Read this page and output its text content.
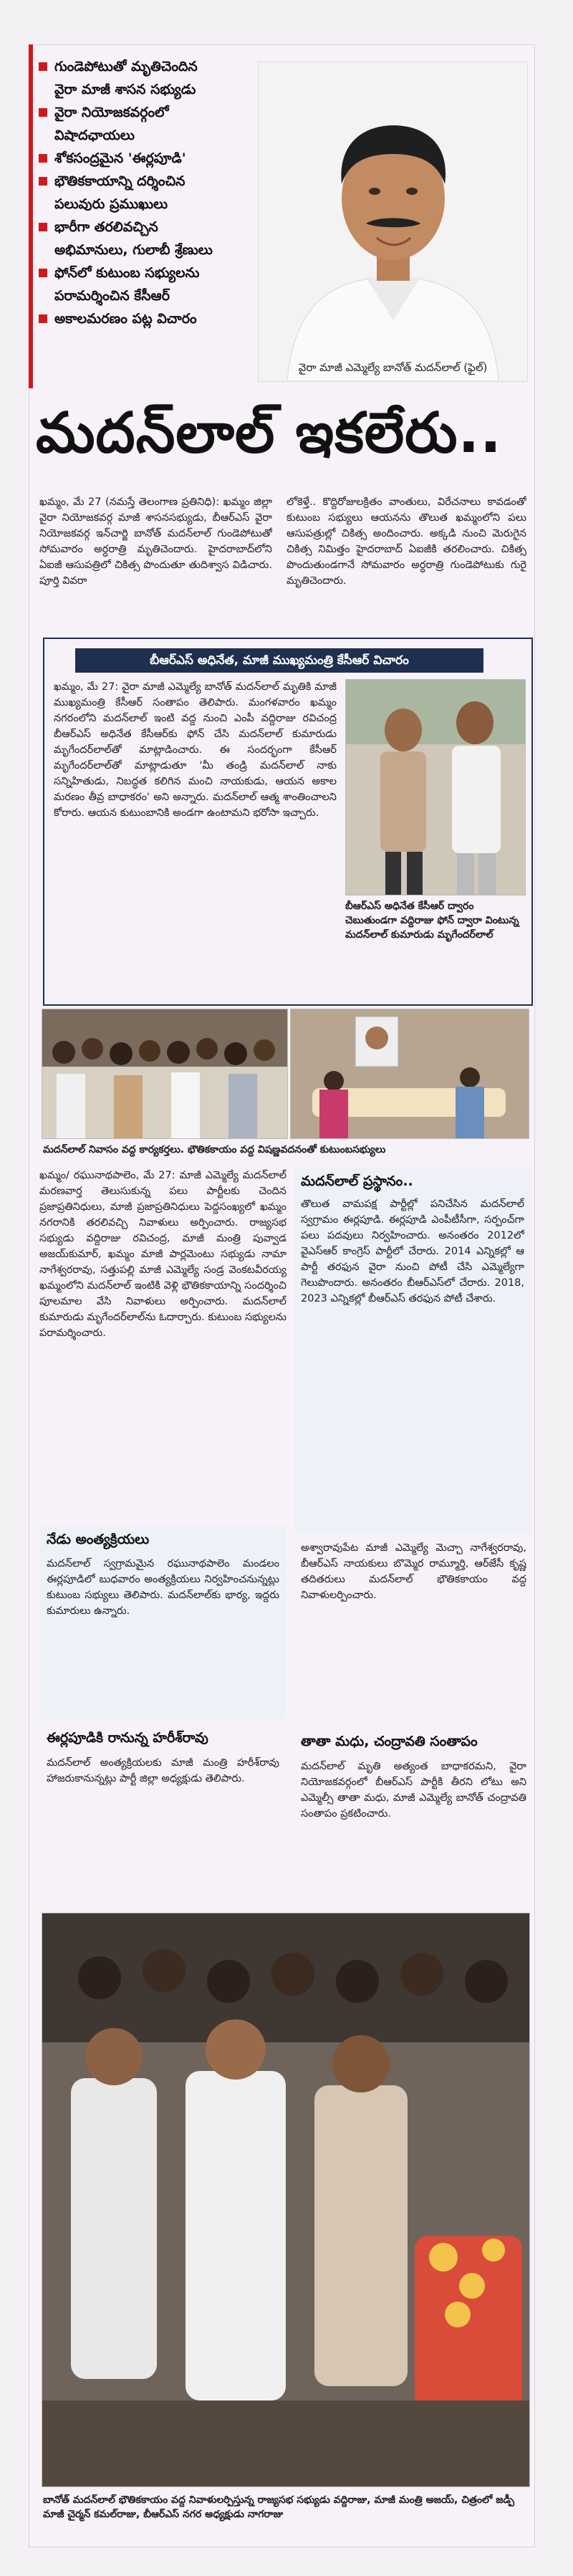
గుండెపోటుతో మృతిచెందిన
వైరా మాజీ శాసన సభ్యుడు
వైరా నియోజకవర్గంలో
విషాదఛాయలు
శోకసంద్రమైన 'ఈర్లపూడి'
భౌతికకాయాన్ని దర్శించిన
పలువురు ప్రముఖులు
భారీగా తరలివచ్చిన
అభిమానులు, గులాబీ శ్రేణులు
ఫోన్‌లో కుటుంబ సభ్యులను
పరామర్శించిన కేసీఆర్
అకాలమరణం పట్ల విచారం
వైరా మాజీ ఎమ్మెల్యే బానోత్ మదన్‌లాల్ (ఫైల్)
మదన్‌లాల్ ఇకలేరు..
ఖమ్మం, మే 27 (నమస్తే తెలంగాణ ప్రతినిధి): ఖమ్మం జిల్లా వైరా నియోజకవర్గ మాజీ శాసనసభ్యుడు, బీఆర్ఎస్ వైరా నియోజకవర్గ ఇన్‌చార్జి బానోత్ మదన్‌లాల్ గుండెపోటుతో సోమవారం అర్ధరాత్రి మృతిచెందారు. హైదరాబాద్‌లోని ఏఐజీ ఆసుపత్రిలో చికిత్స పొందుతూ తుదిశ్వాస విడిచారు. పూర్తి వివరా
లోకెళ్తే.. కొద్దిరోజులక్రితం వాంతులు, విరేచనాలు కావడంతో కుటుంబ సభ్యులు ఆయనను తొలుత ఖమ్మంలోని పలు ఆసుపత్రుల్లో చికిత్స అందించారు. అక్కడి నుంచి మెరుగైన చికిత్స నిమిత్తం హైదరాబాద్ ఏఐజీకి తరలించారు. చికిత్స పొందుతుండగానే సోమవారం అర్ధరాత్రి గుండెపోటుకు గురై మృతిచెందారు.
బీఆర్ఎస్ అధినేత, మాజీ ముఖ్యమంత్రి కేసీఆర్ విచారం
ఖమ్మం, మే 27: వైరా మాజీ ఎమ్మెల్యే బానోత్ మదన్‌లాల్ మృతికి మాజీ ముఖ్యమంత్రి కేసీఆర్ సంతాపం తెలిపారు. మంగళవారం ఖమ్మం నగరంలోని మదన్‌లాల్ ఇంటి వద్ద నుంచి ఎంపీ వద్దిరాజు రవిచంద్ర బీఆర్ఎస్ అధినేత కేసీఆర్‌కు ఫోన్ చేసి మదన్‌లాల్ కుమారుడు మృగేందర్‌లాల్‌తో మాట్లాడించారు. ఈ సందర్భంగా కేసీఆర్ మృగేందర్‌లాల్‌తో మాట్లాడుతూ 'మీ తండ్రి మదన్‌లాల్ నాకు సన్నిహితుడు, నిబద్ధత కలిగిన మంచి నాయకుడు, ఆయన అకాల మరణం తీవ్ర బాధాకరం' అని అన్నారు. మదన్‌లాల్ ఆత్మ శాంతించాలని కోరారు. ఆయన కుటుంబానికి అండగా ఉంటామని భరోసా ఇచ్చారు.
బీఆర్ఎస్ అధినేత కేసీఆర్ ద్వారం చెబుతుండగా వద్దిరాజు ఫోన్ ద్వారా వింటున్న మదన్‌లాల్ కుమారుడు మృగేందర్‌లాల్
మదన్‌లాల్ నివాసం వద్ద కార్యకర్తలు. భౌతికకాయం వద్ద విషణ్ణవదనంతో కుటుంబసభ్యులు
ఖమ్మం/ రఘునాథపాలెం, మే 27: మాజీ ఎమ్మెల్యే మదన్‌లాల్ మరణవార్త తెలుసుకున్న పలు పార్టీలకు చెందిన ప్రజాప్రతినిధులు, మాజీ ప్రజాప్రతినిధులు పెద్దసంఖ్యలో ఖమ్మం నగరానికి తరలివచ్చి నివాళులు అర్పించారు. రాజ్యసభ సభ్యుడు వద్దిరాజు రవిచంద్ర, మాజీ మంత్రి పువ్వాడ అజయ్‌కుమార్, ఖమ్మం మాజీ పార్లమెంటు సభ్యుడు నామా నాగేశ్వరరావు, సత్తుపల్లి మాజీ ఎమ్మెల్యే సండ్ర వెంకటవీరయ్య ఖమ్మంలోని మదన్‌లాల్ ఇంటికి వెళ్లి భౌతికకాయాన్ని సందర్శించి పూలమాల వేసి నివాళులు అర్పించారు. మదన్‌లాల్ కుమారుడు మృగేందర్‌లాల్‌ను ఓదార్చారు. కుటుంబ సభ్యులను పరామర్శించారు.
మదన్‌లాల్ ప్రస్థానం..
తొలుత వామపక్ష పార్టీల్లో పనిచేసిన మదన్‌లాల్ స్వగ్రామం ఈర్లపూడి. ఈర్లపూడి ఎంపీటీసీగా, సర్పంచ్‌గా పలు పదవులు నిర్వహించారు. అనంతరం 2012లో వైఎస్ఆర్ కాంగ్రెస్ పార్టీలో చేరారు. 2014 ఎన్నికల్లో ఆ పార్టీ తరఫున వైరా నుంచి పోటీ చేసి ఎమ్మెల్యేగా గెలుపొందారు. అనంతరం బీఆర్ఎస్‌లో చేరారు. 2018, 2023 ఎన్నికల్లో బీఆర్ఎస్ తరఫున పోటీ చేశారు.
నేడు అంత్యక్రియలు
మదన్‌లాల్ స్వగ్రామమైన రఘునాథపాలెం మండలం ఈర్లపూడిలో బుధవారం అంత్యక్రియలు నిర్వహించనున్నట్లు కుటుంబ సభ్యులు తెలిపారు. మదన్‌లాల్‌కు భార్య, ఇద్దరు కుమారులు ఉన్నారు.
ఈర్లపూడికి రానున్న హరీశ్‌రావు
మదన్‌లాల్ అంత్యక్రియలకు మాజీ మంత్రి హరీశ్‌రావు హాజరుకానున్నట్లు పార్టీ జిల్లా అధ్యక్షుడు తెలిపారు.
అశ్వారావుపేట మాజీ ఎమ్మెల్యే మెచ్చా నాగేశ్వరరావు, బీఆర్ఎస్ నాయకులు బొమ్మెర రామ్మూర్తి, ఆర్‌జేసీ కృష్ణ తదితరులు మదన్‌లాల్ భౌతికకాయం వద్ద నివాళులర్పించారు.
తాతా మధు, చంద్రావతి సంతాపం
మదన్‌లాల్ మృతి అత్యంత బాధాకరమని, వైరా నియోజకవర్గంలో బీఆర్ఎస్ పార్టీకి తీరని లోటు అని ఎమ్మెల్సీ తాతా మధు, మాజీ ఎమ్మెల్యే బానోత్ చంద్రావతి సంతాపం ప్రకటించారు.
బానోత్ మదన్‌లాల్ భౌతికకాయం వద్ద నివాళులర్పిస్తున్న రాజ్యసభ సభ్యుడు వద్దిరాజు, మాజీ మంత్రి అజయ్, చిత్రంలో జడ్పీ మాజీ చైర్మన్ కమల్‌రాజు, బీఆర్ఎస్ నగర అధ్యక్షుడు నాగరాజు
